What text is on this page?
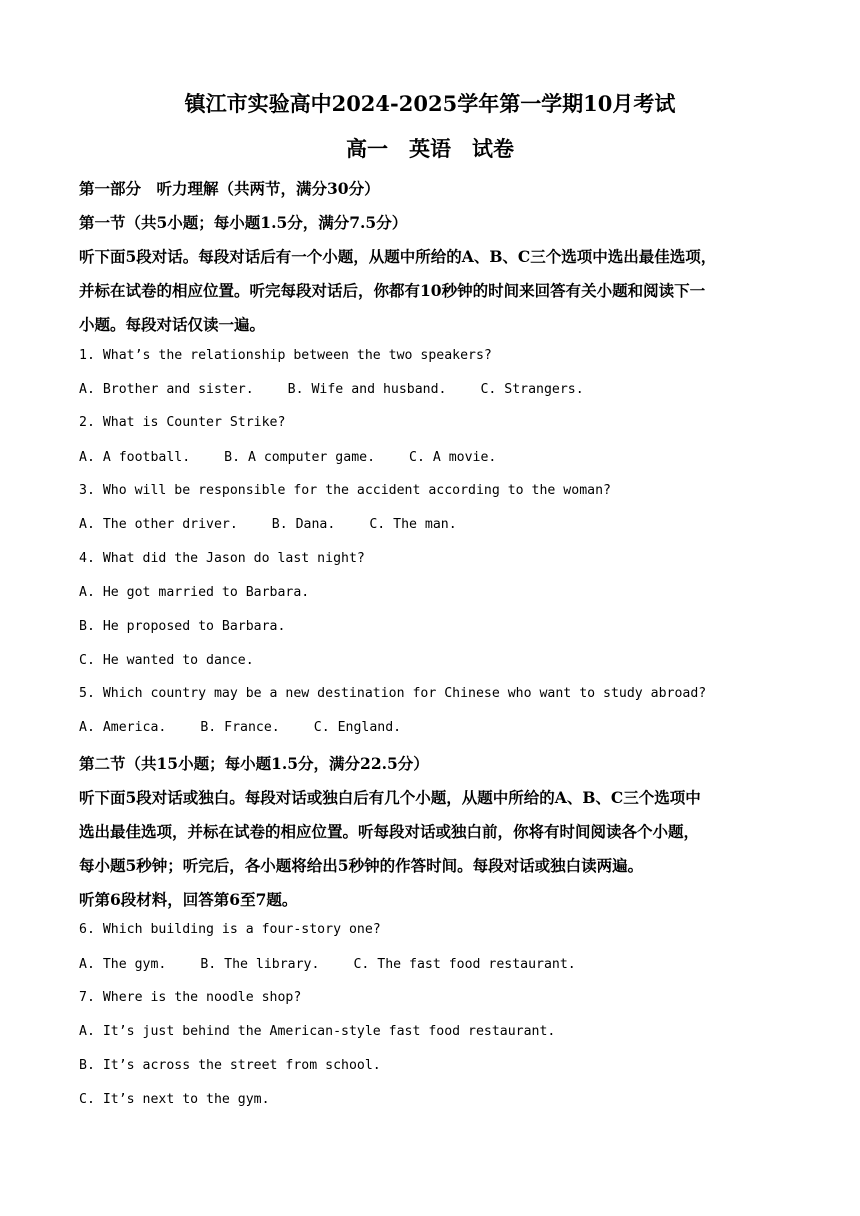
镇江市实验高中2024-2025学年第一学期10月考试
高一　英语　试卷
第一部分　听力理解（共两节，满分30分）
第一节（共5小题；每小题1.5分，满分7.5分）
听下面5段对话。每段对话后有一个小题，从题中所给的A、B、C三个选项中选出最佳选项，
并标在试卷的相应位置。听完每段对话后，你都有10秒钟的时间来回答有关小题和阅读下一
小题。每段对话仅读一遍。
1. What’s the relationship between the two speakers?
A. Brother and sister.	B. Wife and husband.	C. Strangers.
2. What is Counter Strike?
A. A football.	B. A computer game.	C. A movie.
3. Who will be responsible for the accident according to the woman?
A. The other driver.	B. Dana.	C. The man.
4. What did the Jason do last night?
A. He got married to Barbara.
B. He proposed to Barbara.
C. He wanted to dance.
5. Which country may be a new destination for Chinese who want to study abroad?
A. America.	B. France.	C. England.
第二节（共15小题；每小题1.5分，满分22.5分）
听下面5段对话或独白。每段对话或独白后有几个小题，从题中所给的A、B、C三个选项中
选出最佳选项，并标在试卷的相应位置。听每段对话或独白前，你将有时间阅读各个小题，
每小题5秒钟；听完后，各小题将给出5秒钟的作答时间。每段对话或独白读两遍。
听第6段材料，回答第6至7题。
6. Which building is a four-story one?
A. The gym.	B. The library.	C. The fast food restaurant.
7. Where is the noodle shop?
A. It’s just behind the American-style fast food restaurant.
B. It’s across the street from school.
C. It’s next to the gym.
